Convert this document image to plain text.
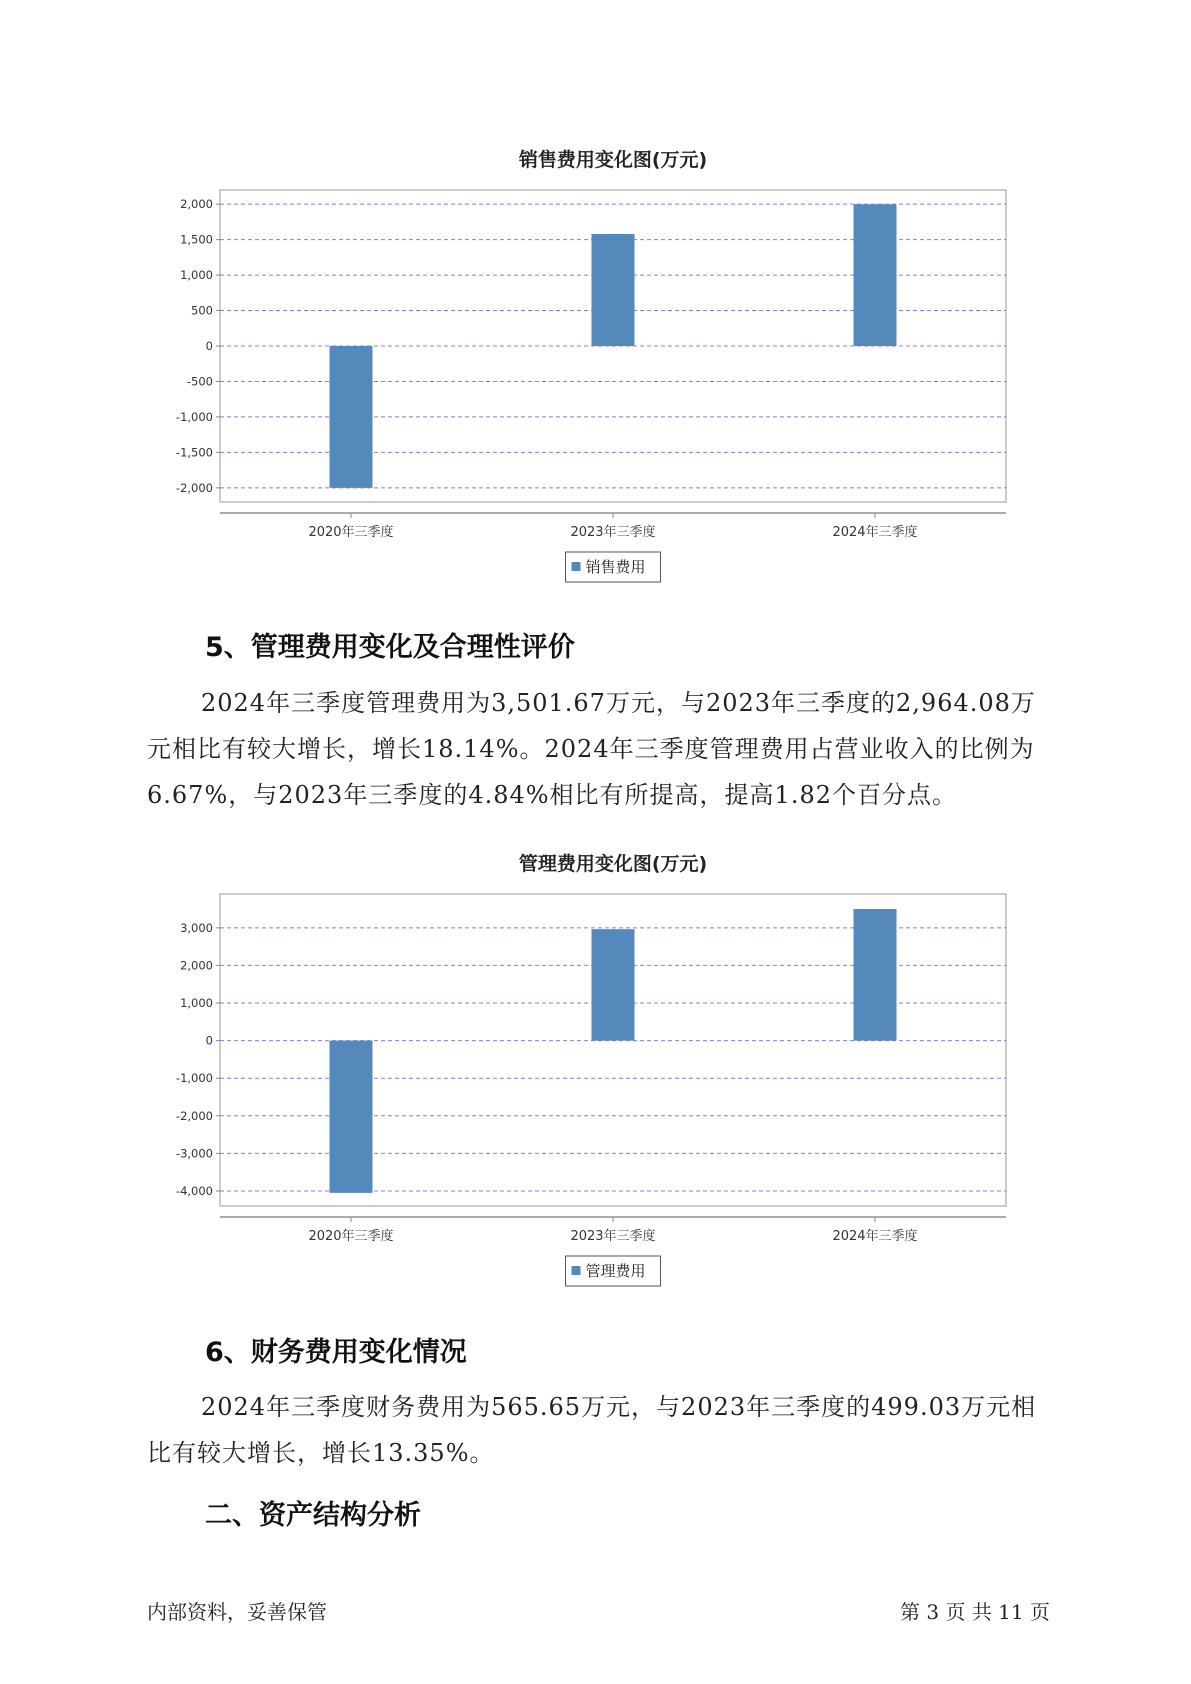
销售费用变化图(万元)
2,000
1,500
1,000
500
0
-500
-1,000
-1,500
-2,000
2020年三季度	2023年三季度	2024年三季度
销售费用
5、管理费用变化及合理性评价

2024年三季度管理费用为3,501.67万元，与2023年三季度的2,964.08万元相比有较大增长，增长18.14%。2024年三季度管理费用占营业收入的比例为6.67%，与2023年三季度的4.84%相比有所提高，提高1.82个百分点。

管理费用变化图(万元)
3,000
2,000
1,000
0
-1,000
-2,000
-3,000
-4,000
2020年三季度	2023年三季度	2024年三季度
管理费用
6、财务费用变化情况

2024年三季度财务费用为565.65万元，与2023年三季度的499.03万元相比有较大增长，增长13.35%。

二、资产结构分析
内部资料，妥善保管	第 3 页 共 11 页
